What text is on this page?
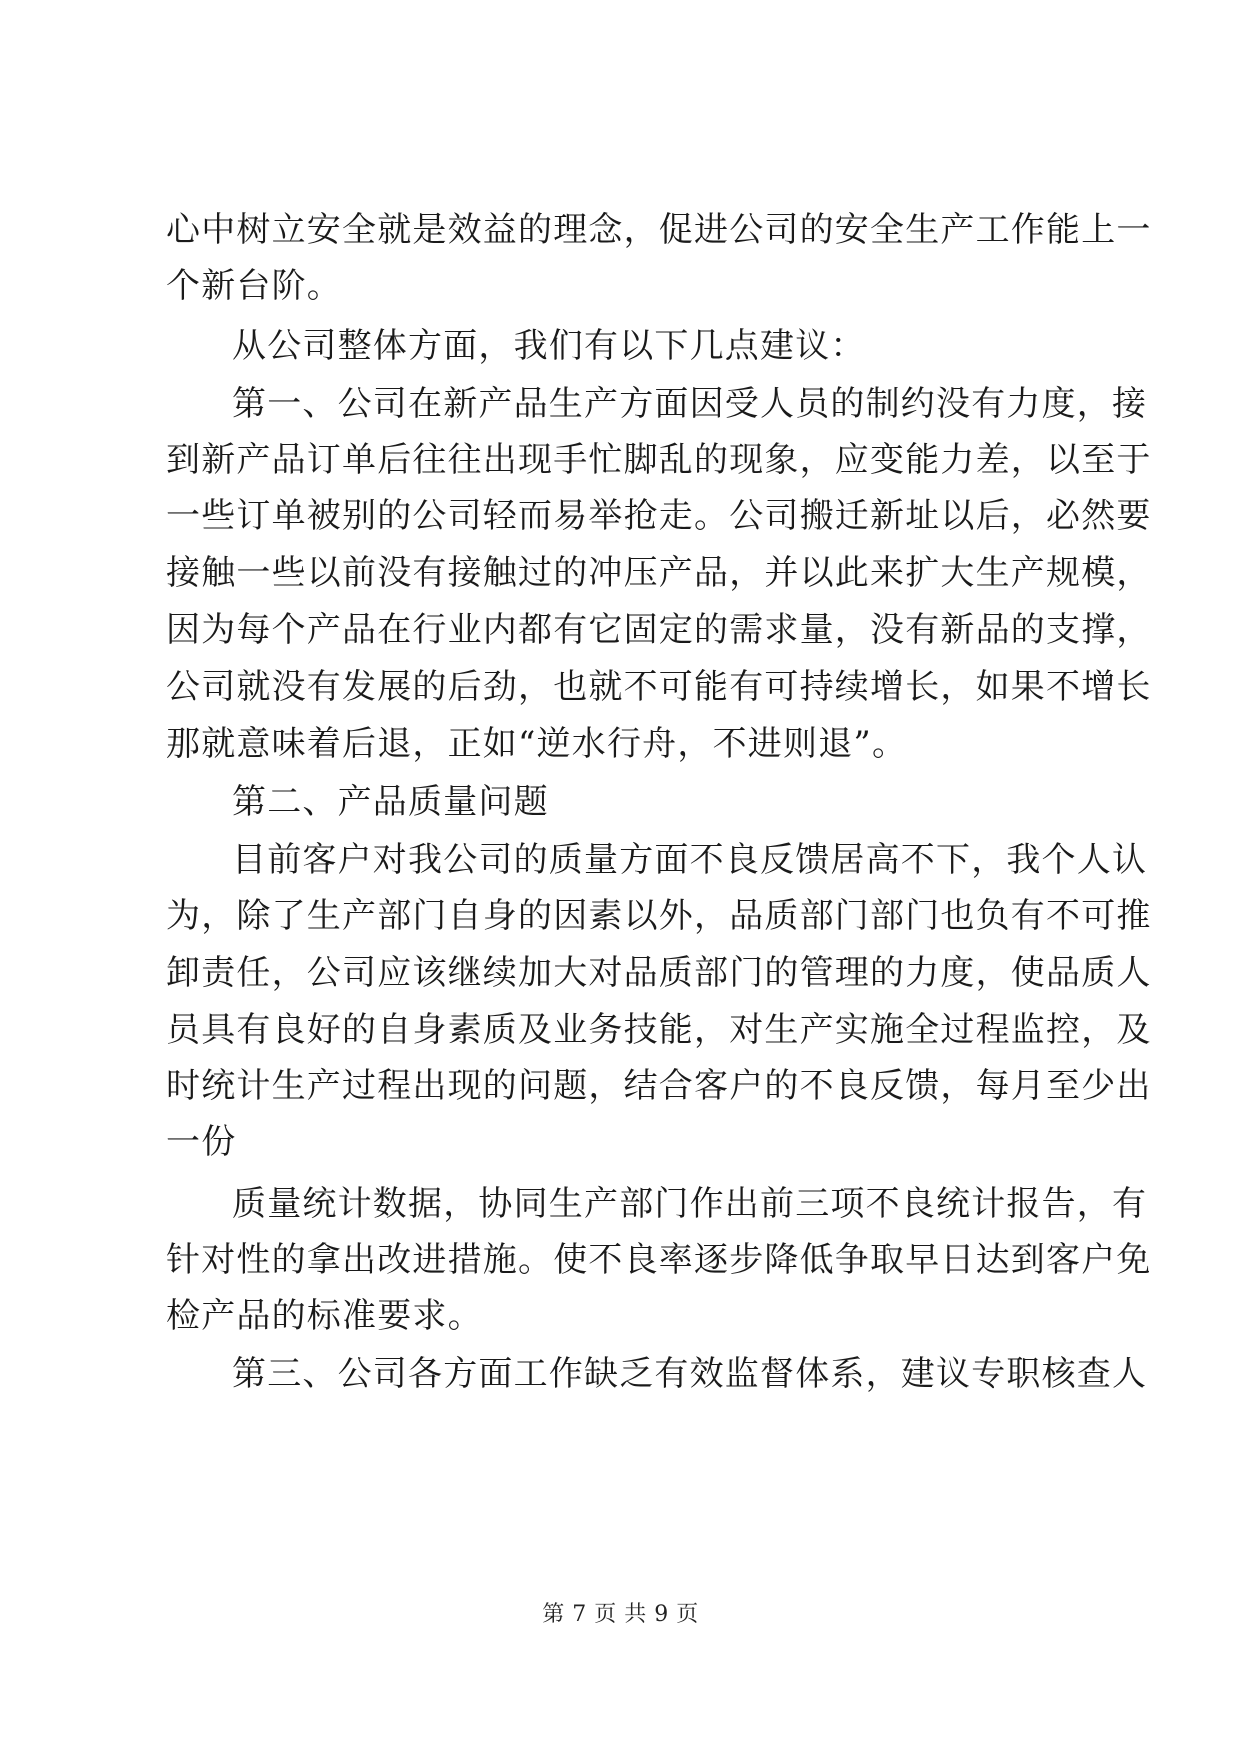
心中树立安全就是效益的理念，促进公司的安全生产工作能上一
个新台阶。
从公司整体方面，我们有以下几点建议：
第一、公司在新产品生产方面因受人员的制约没有力度，接
到新产品订单后往往出现手忙脚乱的现象，应变能力差，以至于
一些订单被别的公司轻而易举抢走。公司搬迁新址以后，必然要
接触一些以前没有接触过的冲压产品，并以此来扩大生产规模，
因为每个产品在行业内都有它固定的需求量，没有新品的支撑，
公司就没有发展的后劲，也就不可能有可持续增长，如果不增长
那就意味着后退，正如“逆水行舟，不进则退”。
第二、产品质量问题
目前客户对我公司的质量方面不良反馈居高不下，我个人认
为，除了生产部门自身的因素以外，品质部门部门也负有不可推
卸责任，公司应该继续加大对品质部门的管理的力度，使品质人
员具有良好的自身素质及业务技能，对生产实施全过程监控，及
时统计生产过程出现的问题，结合客户的不良反馈，每月至少出
一份
质量统计数据，协同生产部门作出前三项不良统计报告，有
针对性的拿出改进措施。使不良率逐步降低争取早日达到客户免
检产品的标准要求。
第三、公司各方面工作缺乏有效监督体系，建议专职核查人
第 7 页 共 9 页
